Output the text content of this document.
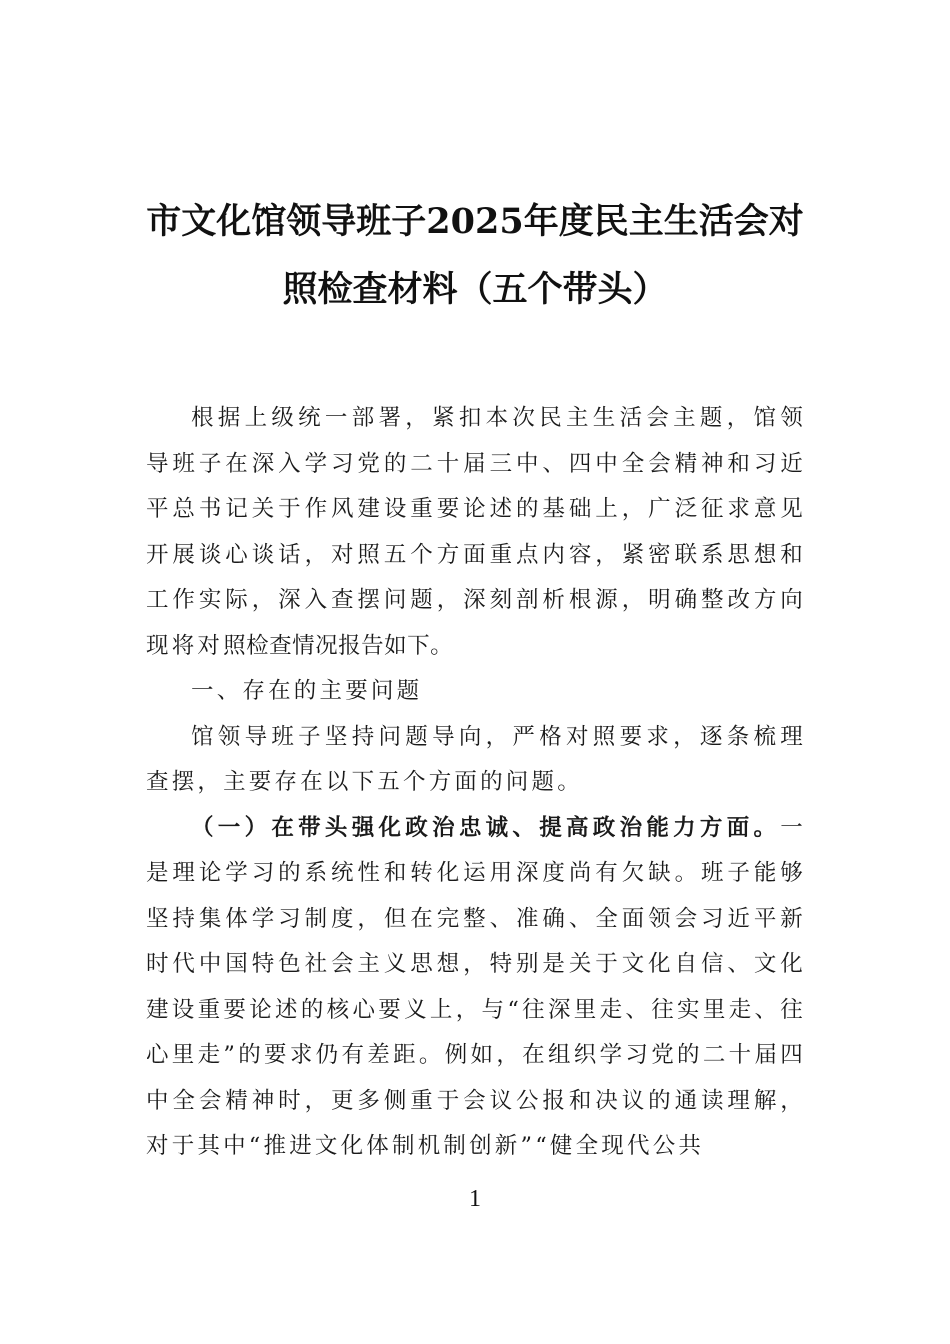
市文化馆领导班子2025年度民主生活会对
照检查材料（五个带头）

根据上级统一部署，紧扣本次民主生活会主题，馆领导班子在深入学习党的二十届三中、四中全会精神和习近平总书记关于作风建设重要论述的基础上，广泛征求意见开展谈心谈话，对照五个方面重点内容，紧密联系思想和工作实际，深入查摆问题，深刻剖析根源，明确整改方向现将对照检查情况报告如下。

一、存在的主要问题

馆领导班子坚持问题导向，严格对照要求，逐条梳理查摆，主要存在以下五个方面的问题。

（一）在带头强化政治忠诚、提高政治能力方面。一是理论学习的系统性和转化运用深度尚有欠缺。班子能够坚持集体学习制度，但在完整、准确、全面领会习近平新时代中国特色社会主义思想，特别是关于文化自信、文化建设重要论述的核心要义上，与“往深里走、往实里走、往心里走”的要求仍有差距。例如，在组织学习党的二十届四中全会精神时，更多侧重于会议公报和决议的通读理解，对于其中“推进文化体制机制创新”“健全现代公共

1
